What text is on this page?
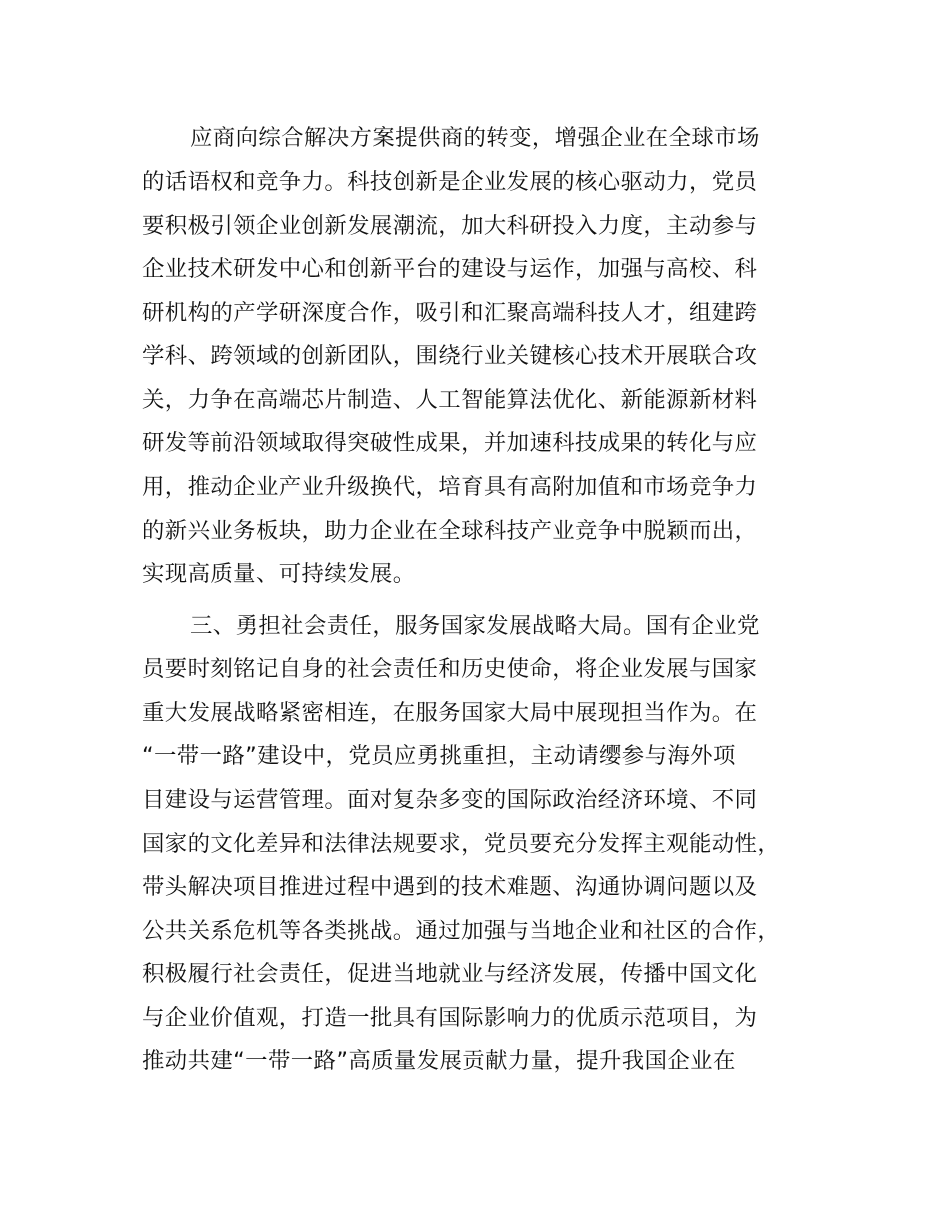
应商向综合解决方案提供商的转变，增强企业在全球市场

的话语权和竞争力。科技创新是企业发展的核心驱动力，党员

要积极引领企业创新发展潮流，加大科研投入力度，主动参与

企业技术研发中心和创新平台的建设与运作，加强与高校、科

研机构的产学研深度合作，吸引和汇聚高端科技人才，组建跨

学科、跨领域的创新团队，围绕行业关键核心技术开展联合攻

关，力争在高端芯片制造、人工智能算法优化、新能源新材料

研发等前沿领域取得突破性成果，并加速科技成果的转化与应

用，推动企业产业升级换代，培育具有高附加值和市场竞争力

的新兴业务板块，助力企业在全球科技产业竞争中脱颖而出，

实现高质量、可持续发展。

三、勇担社会责任，服务国家发展战略大局。国有企业党

员要时刻铭记自身的社会责任和历史使命，将企业发展与国家

重大发展战略紧密相连，在服务国家大局中展现担当作为。在

“一带一路”建设中，党员应勇挑重担，主动请缨参与海外项

目建设与运营管理。面对复杂多变的国际政治经济环境、不同

国家的文化差异和法律法规要求，党员要充分发挥主观能动性，

带头解决项目推进过程中遇到的技术难题、沟通协调问题以及

公共关系危机等各类挑战。通过加强与当地企业和社区的合作，

积极履行社会责任，促进当地就业与经济发展，传播中国文化

与企业价值观，打造一批具有国际影响力的优质示范项目，为

推动共建“一带一路”高质量发展贡献力量，提升我国企业在
